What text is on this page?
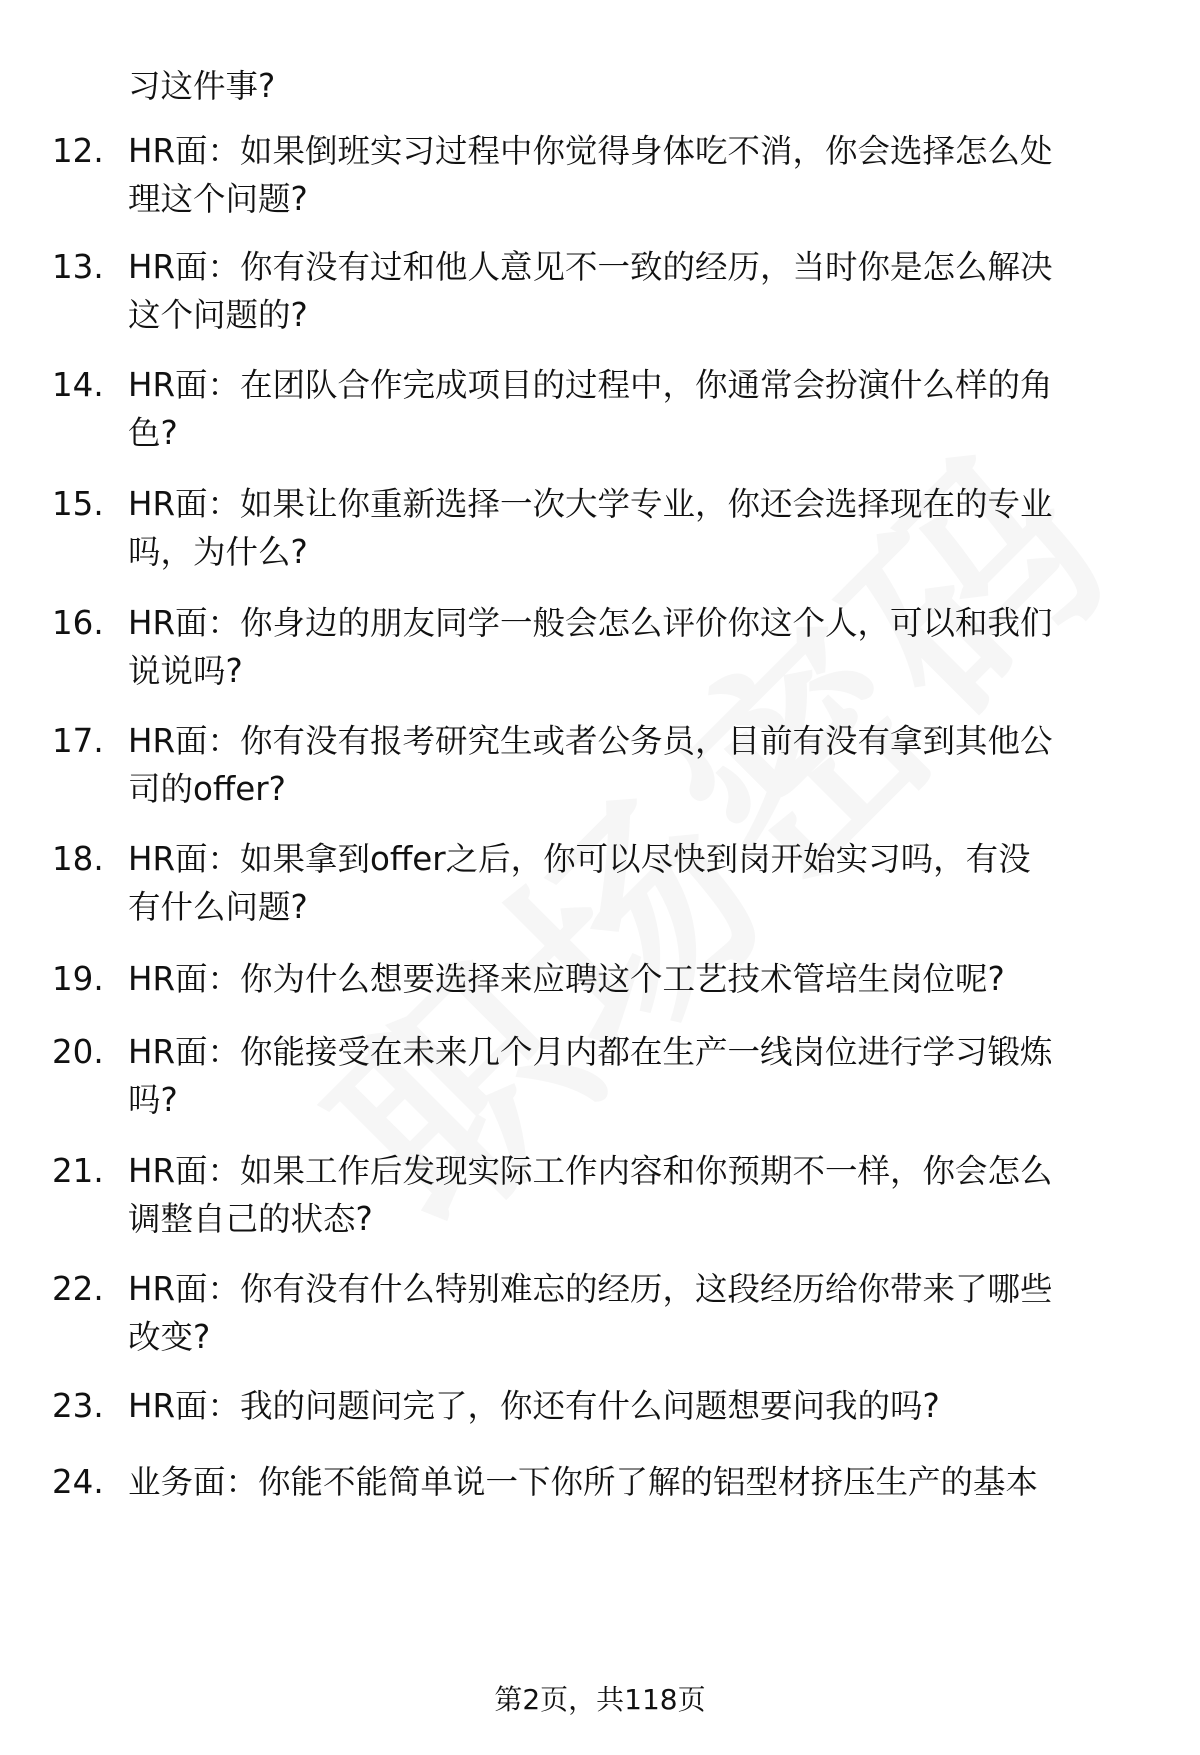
习这件事?
12. HR面：如果倒班实习过程中你觉得身体吃不消，你会选择怎么处
理这个问题?
13. HR面：你有没有过和他人意见不一致的经历，当时你是怎么解决
这个问题的?
14. HR面：在团队合作完成项目的过程中，你通常会扮演什么样的角
色?
15. HR面：如果让你重新选择一次大学专业，你还会选择现在的专业
吗，为什么?
16. HR面：你身边的朋友同学一般会怎么评价你这个人，可以和我们
说说吗?
17. HR面：你有没有报考研究生或者公务员，目前有没有拿到其他公
司的offer?
18. HR面：如果拿到offer之后，你可以尽快到岗开始实习吗，有没
有什么问题?
19. HR面：你为什么想要选择来应聘这个工艺技术管培生岗位呢?
20. HR面：你能接受在未来几个月内都在生产一线岗位进行学习锻炼
吗?
21. HR面：如果工作后发现实际工作内容和你预期不一样，你会怎么
调整自己的状态?
22. HR面：你有没有什么特别难忘的经历，这段经历给你带来了哪些
改变?
23. HR面：我的问题问完了，你还有什么问题想要问我的吗?
24. 业务面：你能不能简单说一下你所了解的铝型材挤压生产的基本
第2页，共118页
